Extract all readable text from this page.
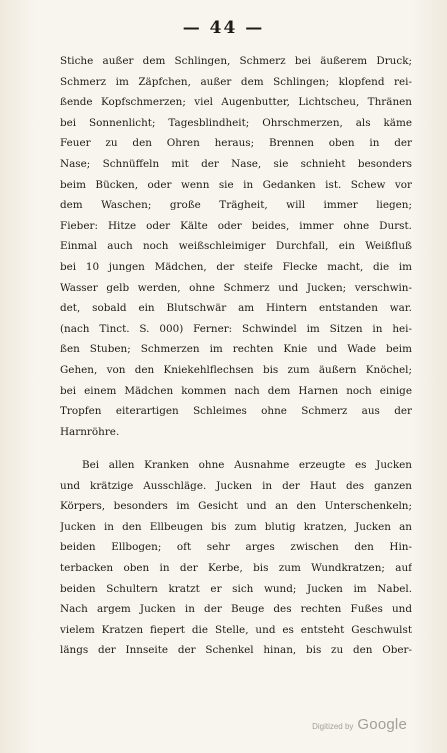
— 44 —
Stiche außer dem Schlingen, Schmerz bei äußerem Druck;
Schmerz im Zäpfchen, außer dem Schlingen; klopfend rei-
ßende Kopfschmerzen; viel Augenbutter, Lichtscheu, Thränen
bei Sonnenlicht; Tagesblindheit; Ohrschmerzen, als käme
Feuer zu den Ohren heraus; Brennen oben in der
Nase; Schnüffeln mit der Nase, sie schnieht besonders
beim Bücken, oder wenn sie in Gedanken ist. Schew vor
dem Waschen; große Trägheit, will immer liegen;
Fieber: Hitze oder Kälte oder beides, immer ohne Durst.
Einmal auch noch weißschleimiger Durchfall, ein Weißfluß
bei 10 jungen Mädchen, der steife Flecke macht, die im
Wasser gelb werden, ohne Schmerz und Jucken; verschwin-
det, sobald ein Blutschwär am Hintern entstanden war.
(nach Tinct. S. 000) Ferner: Schwindel im Sitzen in hei-
ßen Stuben; Schmerzen im rechten Knie und Wade beim
Gehen, von den Kniekehlflechsen bis zum äußern Knöchel;
bei einem Mädchen kommen nach dem Harnen noch einige
Tropfen eiterartigen Schleimes ohne Schmerz aus der
Harnröhre.
Bei allen Kranken ohne Ausnahme erzeugte es Jucken
und krätzige Ausschläge. Jucken in der Haut des ganzen
Körpers, besonders im Gesicht und an den Unterschenkeln;
Jucken in den Ellbeugen bis zum blutig kratzen, Jucken an
beiden Ellbogen; oft sehr arges zwischen den Hin-
terbacken oben in der Kerbe, bis zum Wundkratzen; auf
beiden Schultern kratzt er sich wund; Jucken im Nabel.
Nach argem Jucken in der Beuge des rechten Fußes und
vielem Kratzen fiepert die Stelle, und es entsteht Geschwulst
längs der Innseite der Schenkel hinan, bis zu den Ober-
Digitized by Google
